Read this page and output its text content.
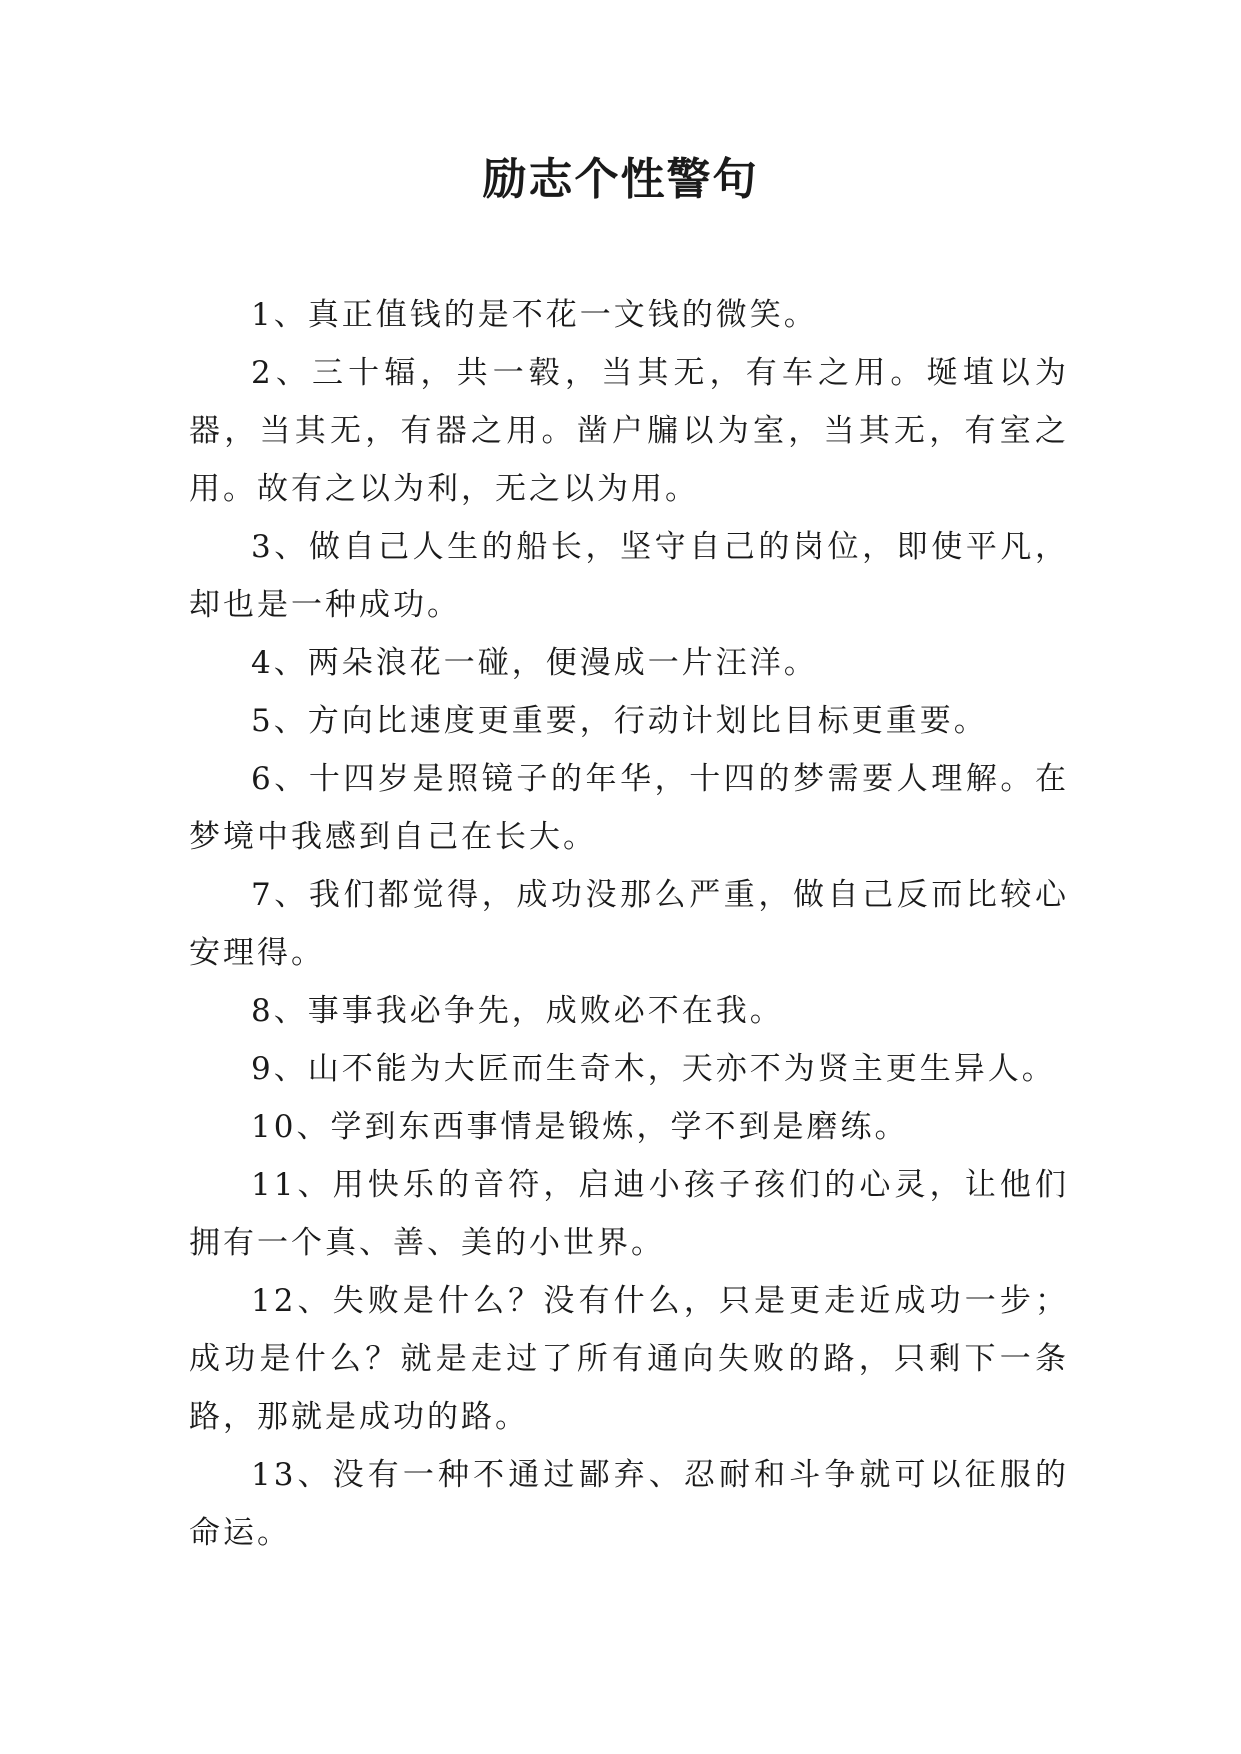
励志个性警句

1、真正值钱的是不花一文钱的微笑。

2、三十辐，共一毂，当其无，有车之用。埏埴以为器，当其无，有器之用。凿户牖以为室，当其无，有室之用。故有之以为利，无之以为用。

3、做自己人生的船长，坚守自己的岗位，即使平凡，却也是一种成功。

4、两朵浪花一碰，便漫成一片汪洋。

5、方向比速度更重要，行动计划比目标更重要。

6、十四岁是照镜子的年华，十四的梦需要人理解。在梦境中我感到自己在长大。

7、我们都觉得，成功没那么严重，做自己反而比较心安理得。

8、事事我必争先，成败必不在我。

9、山不能为大匠而生奇木，天亦不为贤主更生异人。

10、学到东西事情是锻炼，学不到是磨练。

11、用快乐的音符，启迪小孩子孩们的心灵，让他们拥有一个真、善、美的小世界。

12、失败是什么？没有什么，只是更走近成功一步；成功是什么？就是走过了所有通向失败的路，只剩下一条路，那就是成功的路。

13、没有一种不通过鄙弃、忍耐和斗争就可以征服的命运。
